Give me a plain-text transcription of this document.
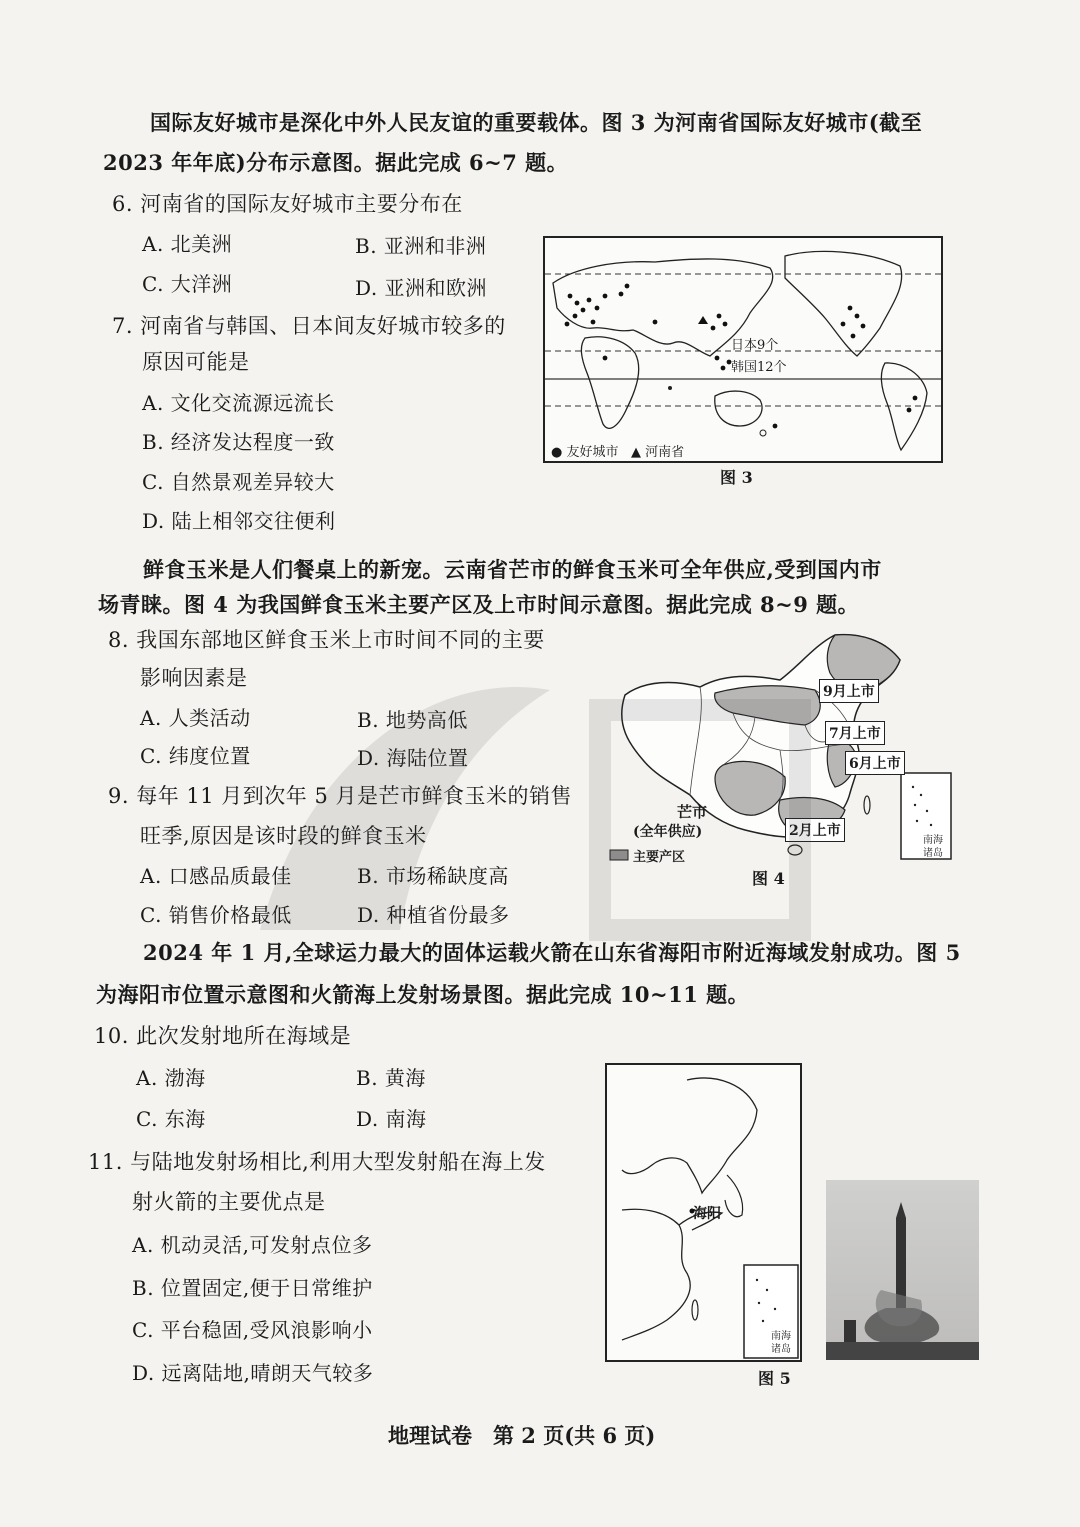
国际友好城市是深化中外人民友谊的重要载体。图 3 为河南省国际友好城市(截至
2023 年年底)分布示意图。据此完成 6~7 题。
6. 河南省的国际友好城市主要分布在
A. 北美洲	B. 亚洲和非洲
C. 大洋洲	D. 亚洲和欧洲
7. 河南省与韩国、日本间友好城市较多的
原因可能是
A. 文化交流源远流长
B. 经济发达程度一致
C. 自然景观差异较大
D. 陆上相邻交往便利
日本9个
韩国12个
● 友好城市 ▲ 河南省
图 3
鲜食玉米是人们餐桌上的新宠。云南省芒市的鲜食玉米可全年供应,受到国内市
场青睐。图 4 为我国鲜食玉米主要产区及上市时间示意图。据此完成 8~9 题。
8. 我国东部地区鲜食玉米上市时间不同的主要
影响因素是
A. 人类活动	B. 地势高低
C. 纬度位置	D. 海陆位置
9. 每年 11 月到次年 5 月是芒市鲜食玉米的销售
旺季,原因是该时段的鲜食玉米
A. 口感品质最佳	B. 市场稀缺度高
C. 销售价格最低	D. 种植省份最多
9月上市
7月上市
6月上市
2月上市
芒市
(全年供应)
主要产区
南海
诸岛
图 4
2024 年 1 月,全球运力最大的固体运载火箭在山东省海阳市附近海域发射成功。图 5
为海阳市位置示意图和火箭海上发射场景图。据此完成 10~11 题。
10. 此次发射地所在海域是
A. 渤海	B. 黄海
C. 东海	D. 南海
11. 与陆地发射场相比,利用大型发射船在海上发
射火箭的主要优点是
A. 机动灵活,可发射点位多
B. 位置固定,便于日常维护
C. 平台稳固,受风浪影响小
D. 远离陆地,晴朗天气较多
海阳
南海
诸岛
图 5
地理试卷　第 2 页(共 6 页)
